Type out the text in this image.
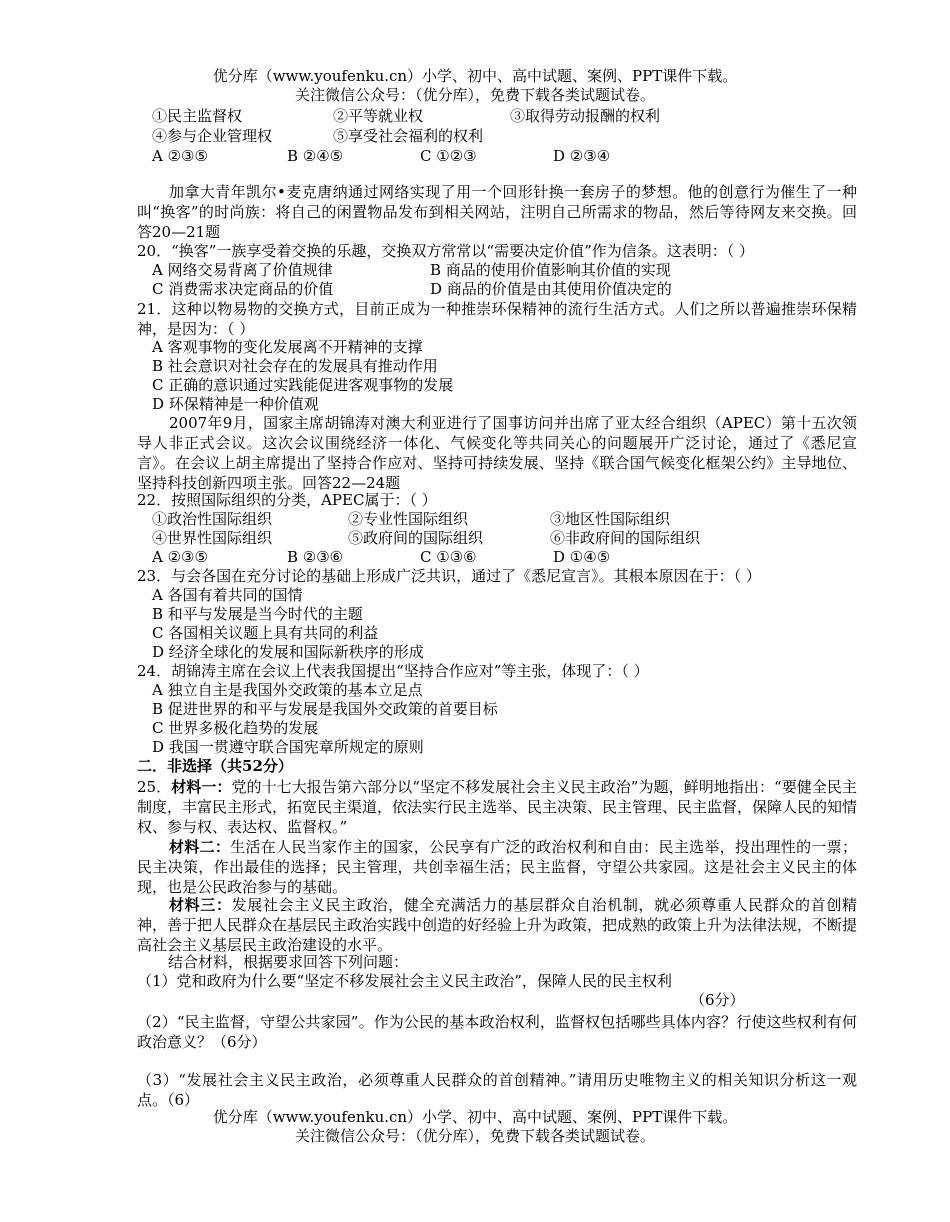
优分库（www.youfenku.cn）小学、初中、高中试题、案例、PPT课件下载。
关注微信公众号：（优分库），免费下载各类试题试卷。
①民主监督权	②平等就业权	③取得劳动报酬的权利
④参与企业管理权	⑤享受社会福利的权利
A ②③⑤	B ②④⑤	C ①②③	D ②③④
加拿大青年凯尔•麦克唐纳通过网络实现了用一个回形针换一套房子的梦想。他的创意行为催生了一种叫“换客”的时尚族：将自己的闲置物品发布到相关网站，注明自己所需求的物品，然后等待网友来交换。回答20—21题
20．“换客”一族享受着交换的乐趣，交换双方常常以“需要决定价值”作为信条。这表明：（ ）
A 网络交易背离了价值规律	B 商品的使用价值影响其价值的实现
C 消费需求决定商品的价值	D 商品的价值是由其使用价值决定的
21．这种以物易物的交换方式，目前正成为一种推崇环保精神的流行生活方式。人们之所以普遍推崇环保精神，是因为：（ ）
A 客观事物的变化发展离不开精神的支撑
B 社会意识对社会存在的发展具有推动作用
C 正确的意识通过实践能促进客观事物的发展
D 环保精神是一种价值观
2007年9月，国家主席胡锦涛对澳大利亚进行了国事访问并出席了亚太经合组织（APEC）第十五次领导人非正式会议。这次会议围绕经济一体化、气候变化等共同关心的问题展开广泛讨论，通过了《悉尼宣言》。在会议上胡主席提出了坚持合作应对、坚持可持续发展、坚持《联合国气候变化框架公约》主导地位、坚持科技创新四项主张。回答22—24题
22．按照国际组织的分类，APEC属于：（ ）
①政治性国际组织	②专业性国际组织	③地区性国际组织
④世界性国际组织	⑤政府间的国际组织	⑥非政府间的国际组织
A ②③⑤	B ②③⑥	C ①③⑥	D ①④⑤
23．与会各国在充分讨论的基础上形成广泛共识，通过了《悉尼宣言》。其根本原因在于：（ ）
A 各国有着共同的国情
B 和平与发展是当今时代的主题
C 各国相关议题上具有共同的利益
D 经济全球化的发展和国际新秩序的形成
24．胡锦涛主席在会议上代表我国提出“坚持合作应对”等主张，体现了：（ ）
A 独立自主是我国外交政策的基本立足点
B 促进世界的和平与发展是我国外交政策的首要目标
C 世界多极化趋势的发展
D 我国一贯遵守联合国宪章所规定的原则
二．非选择（共52分）
25．材料一：党的十七大报告第六部分以“坚定不移发展社会主义民主政治”为题，鲜明地指出：“要健全民主制度，丰富民主形式，拓宽民主渠道，依法实行民主选举、民主决策、民主管理、民主监督，保障人民的知情权、参与权、表达权、监督权。”
材料二：生活在人民当家作主的国家，公民享有广泛的政治权利和自由：民主选举，投出理性的一票；民主决策，作出最佳的选择；民主管理，共创幸福生活；民主监督，守望公共家园。这是社会主义民主的体现，也是公民政治参与的基础。
材料三：发展社会主义民主政治，健全充满活力的基层群众自治机制，就必须尊重人民群众的首创精神，善于把人民群众在基层民主政治实践中创造的好经验上升为政策，把成熟的政策上升为法律法规，不断提高社会主义基层民主政治建设的水平。
结合材料，根据要求回答下列问题：
（1）党和政府为什么要“坚定不移发展社会主义民主政治”，保障人民的民主权利
（6分）
（2）“民主监督，守望公共家园”。作为公民的基本政治权利，监督权包括哪些具体内容？行使这些权利有何政治意义？（6分）
（3）“发展社会主义民主政治，必须尊重人民群众的首创精神。”请用历史唯物主义的相关知识分析这一观点。（6）
优分库（www.youfenku.cn）小学、初中、高中试题、案例、PPT课件下载。
关注微信公众号：（优分库），免费下载各类试题试卷。
